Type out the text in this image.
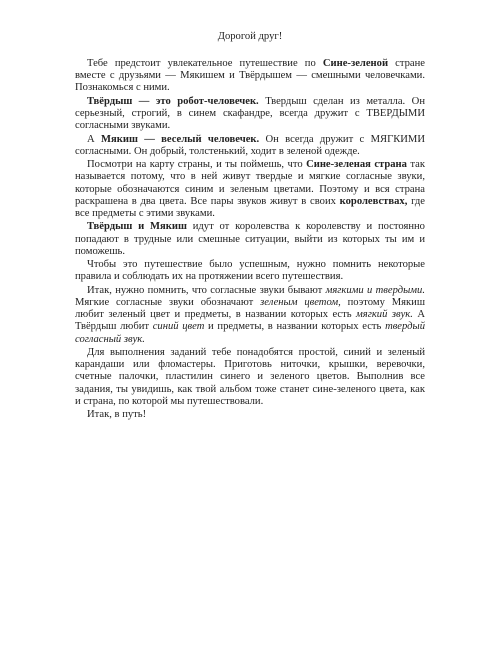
Дорогой друг!

Тебе предстоит увлекательное путешествие по Сине-зеленой стране вместе с друзьями — Мякишем и Твёрдышем — смешными человечками. Познакомься с ними.

Твёрдыш — это робот-человечек. Твердыш сделан из металла. Он серьезный, строгий, в синем скафандре, всегда дружит с ТВЕРДЫМИ согласными звуками.

А Мякиш — веселый человечек. Он всегда дружит с МЯГКИМИ согласными. Он добрый, толстенький, ходит в зеленой одежде.

Посмотри на карту страны, и ты поймешь, что Сине-зеленая страна так называется потому, что в ней живут твердые и мягкие согласные звуки, которые обозначаются синим и зеленым цветами. Поэтому и вся страна раскрашена в два цвета. Все пары звуков живут в своих королевствах, где все предметы с этими звуками.

Твёрдыш и Мякиш идут от королевства к королевству и постоянно попадают в трудные или смешные ситуации, выйти из которых ты им и поможешь.

Чтобы это путешествие было успешным, нужно помнить некоторые правила и соблюдать их на протяжении всего путешествия.

Итак, нужно помнить, что согласные звуки бывают мягкими и твердыми. Мягкие согласные звуки обозначают зеленым цветом, поэтому Мякиш любит зеленый цвет и предметы, в названии которых есть мягкий звук. А Твёрдыш любит синий цвет и предметы, в названии которых есть твердый согласный звук.

Для выполнения заданий тебе понадобятся простой, синий и зеленый карандаши или фломастеры. Приготовь ниточки, крышки, веревочки, счетные палочки, пластилин синего и зеленого цветов. Выполнив все задания, ты увидишь, как твой альбом тоже станет сине-зеленого цвета, как и страна, по которой мы путешествовали.

Итак, в путь!
